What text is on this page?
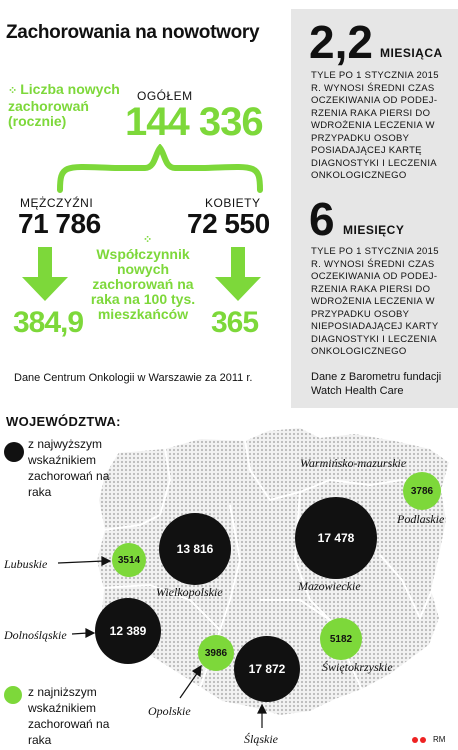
Zachorowania na nowotwory
⁘ Liczba nowych zachorowań (rocznie)
OGÓŁEM
144 336
MĘŻCZYŹNI	KOBIETY
71 786	72 550
⁘
Współczynnik nowych zachorowań na raka na 100 tys. mieszkańców
384,9	365
Dane Centrum Onkologii w Warszawie za 2011 r.
2,2 MIESIĄCA
TYLE PO 1 STYCZNIA 2015 R. WYNOSI ŚREDNI CZAS OCZEKIWANIA OD PODEJ-RZENIA RAKA PIERSI DO WDROŻENIA LECZENIA W PRZYPADKU OSOBY POSIADAJĄCEJ KARTĘ DIAGNOSTYKI I LECZENIA ONKOLOGICZNEGO
6 MIESIĘCY
TYLE PO 1 STYCZNIA 2015 R. WYNOSI ŚREDNI CZAS OCZEKIWANIA OD PODEJ-RZENIA RAKA PIERSI DO WDROŻENIA LECZENIA W PRZYPADKU OSOBY NIEPOSIADAJĄCEJ KARTY DIAGNOSTYKI I LECZENIA ONKOLOGICZNEGO
Dane z Barometru fundacji Watch Health Care
WOJEWÓDZTWA:
z najwyższym wskaźnikiem zachorowań na raka
z najniższym wskaźnikiem zachorowań na raka
3786
17 478
13 816
3514
12 389
3986
17 872
5182
Warmińsko-mazurskie
Podlaskie
Mazowieckie
Wielkopolskie
Lubuskie
Dolnośląskie
Opolskie
Śląskie
Świętokrzyskie
RM
